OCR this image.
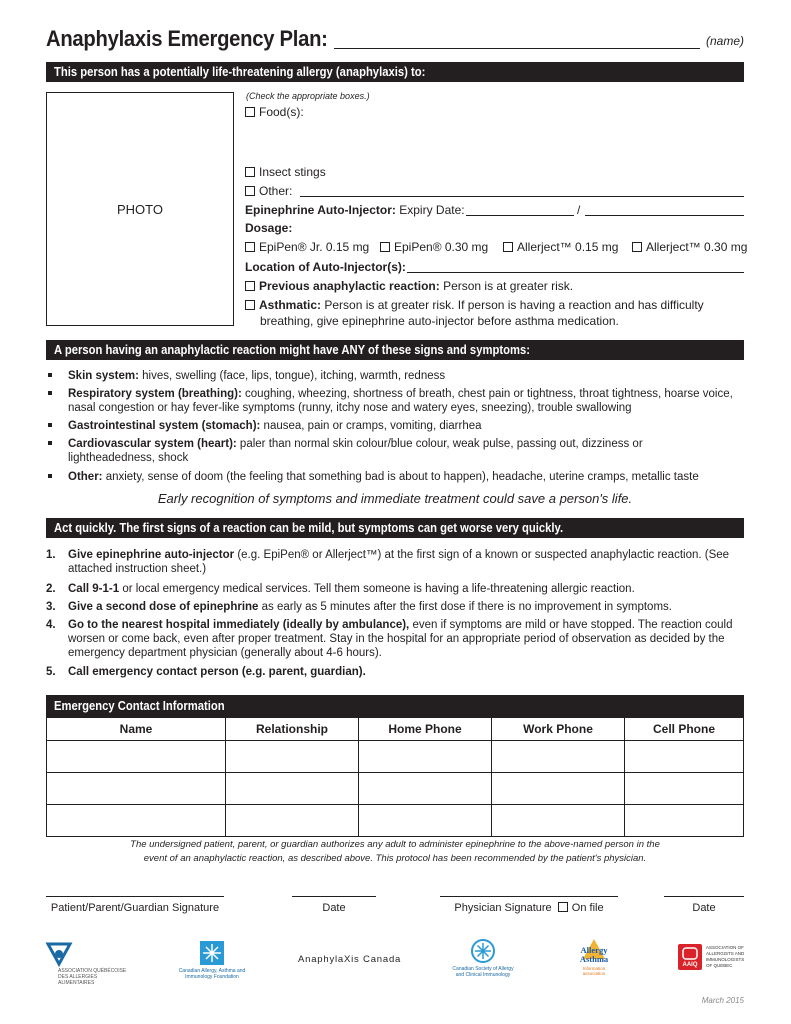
Anaphylaxis Emergency Plan:	(name)
This person has a potentially life-threatening allergy (anaphylaxis) to:
PHOTO
(Check the appropriate boxes.)
Food(s):
Insect stings
Other:
Epinephrine Auto-Injector: Expiry Date:	/
Dosage:
EpiPen® Jr. 0.15 mg	EpiPen® 0.30 mg	Allerject™ 0.15 mg	Allerject™ 0.30 mg
Location of Auto-Injector(s):
Previous anaphylactic reaction: Person is at greater risk.
Asthmatic: Person is at greater risk. If person is having a reaction and has difficulty
breathing, give epinephrine auto-injector before asthma medication.
A person having an anaphylactic reaction might have ANY of these signs and symptoms:
Skin system: hives, swelling (face, lips, tongue), itching, warmth, redness
Respiratory system (breathing): coughing, wheezing, shortness of breath, chest pain or tightness, throat tightness, hoarse voice, nasal congestion or hay fever-like symptoms (runny, itchy nose and watery eyes, sneezing), trouble swallowing
Gastrointestinal system (stomach): nausea, pain or cramps, vomiting, diarrhea
Cardiovascular system (heart): paler than normal skin colour/blue colour, weak pulse, passing out, dizziness or lightheadedness, shock
Other: anxiety, sense of doom (the feeling that something bad is about to happen), headache, uterine cramps, metallic taste
Early recognition of symptoms and immediate treatment could save a person's life.
Act quickly. The first signs of a reaction can be mild, but symptoms can get worse very quickly.
1. Give epinephrine auto-injector (e.g. EpiPen® or Allerject™) at the first sign of a known or suspected anaphylactic reaction. (See attached instruction sheet.)
2. Call 9-1-1 or local emergency medical services. Tell them someone is having a life-threatening allergic reaction.
3. Give a second dose of epinephrine as early as 5 minutes after the first dose if there is no improvement in symptoms.
4. Go to the nearest hospital immediately (ideally by ambulance), even if symptoms are mild or have stopped. The reaction could worsen or come back, even after proper treatment. Stay in the hospital for an appropriate period of observation as decided by the emergency department physician (generally about 4-6 hours).
5. Call emergency contact person (e.g. parent, guardian).
Emergency Contact Information
Name	Relationship	Home Phone	Work Phone	Cell Phone

The undersigned patient, parent, or guardian authorizes any adult to administer epinephrine to the above-named person in the
event of an anaphylactic reaction, as described above. This protocol has been recommended by the patient's physician.
Patient/Parent/Guardian Signature	Date	Physician Signature On file	Date
ASSOCIATION QUÉBÉCOISE DES ALLERGIES ALIMENTAIRES
Canadian Allergy, Asthma and Immunology Foundation
AnaphylaXis Canada
Canadian Society of Allergy and Clinical Immunology
Allergy Asthma
Information association
AAIQ
ASSOCIATION OF ALLERGISTS AND IMMUNOLOGISTS OF QUEBEC
March 2015
